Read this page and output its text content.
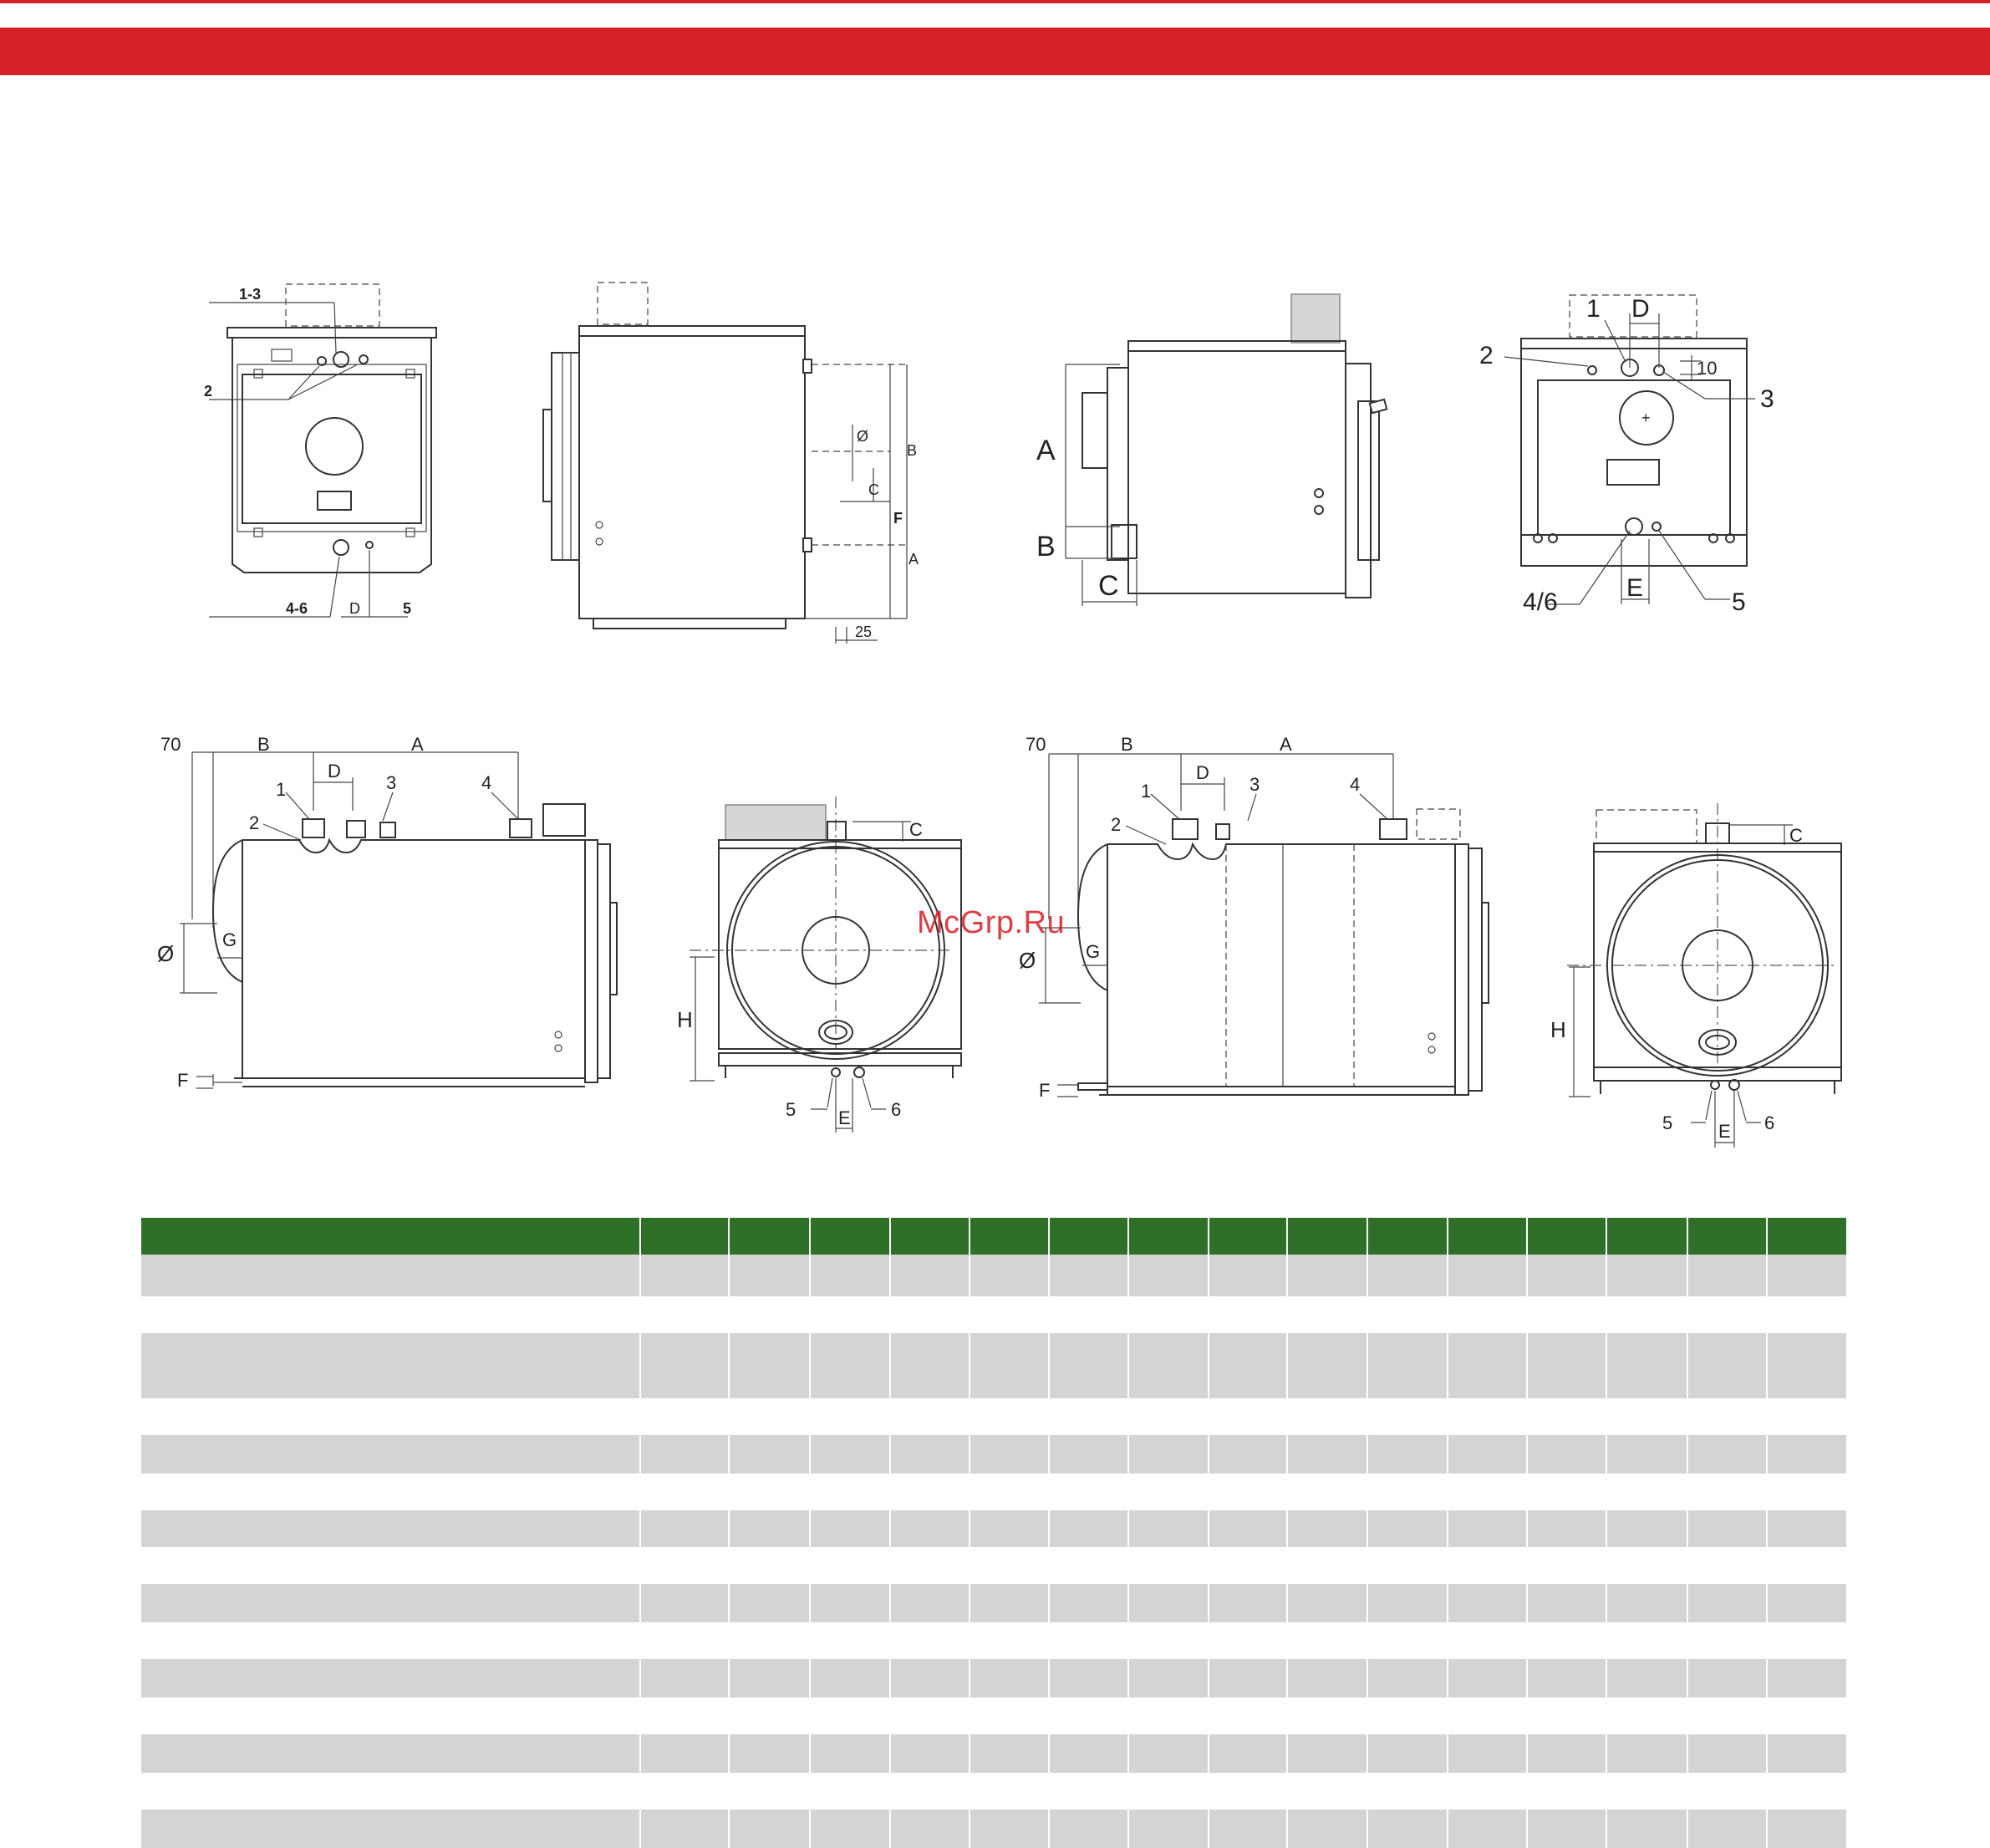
1-3
2
4-6	D	5
Ø
B
C
F
A
25
A
B
C
+
1 D
2	10
3
4/6
E
5
70	B	A
1
D
3	4
2
Ø
G
F
C
H
5 E 6
70	B	A
1
D
3	4
2
Ø	G
F
C
H
5 E 6
McGrp.Ru
